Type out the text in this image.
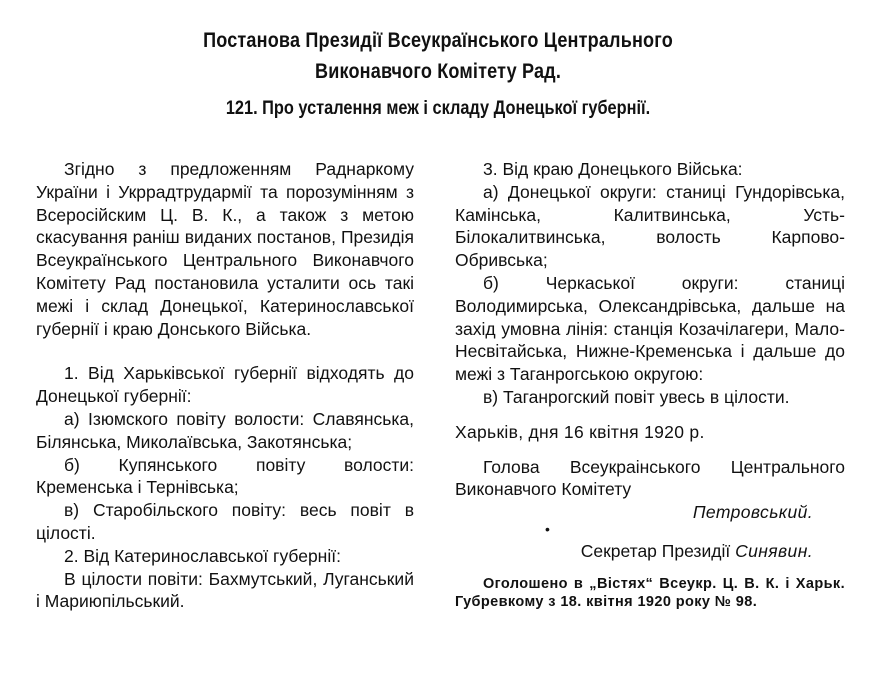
Постанова Президії Всеукраїнського Центрального
Виконавчого Комітету Рад.
121. Про усталення меж і складу Донецької губернії.

Згідно з предложенням Раднаркому України і Укррадтрудармії та порозумінням з Всеросійским Ц. В. К., а також з метою скасування раніш виданих постанов, Президія Всеукраїнського Центрального Виконавчого Комітету Рад постановила усталити ось такі межі і склад Донецької, Катеринославської губернії і краю Донського Війська.

1. Від Харьківської губернії відходять до Донецької губернії:

а) Ізюмского повіту волости: Славянська, Білянська, Миколаївська, Закотянська;

б) Купянського повіту волости: Кременська і Тернівська;

в) Старобільского повіту: весь повіт в цілості.

2. Від Катеринославської губернії:

В цілости повіти: Бахмутський, Луганський і Мариюпільський.

3. Від краю Донецького Війська:

а) Донецької округи: станиці Гундорівська, Камінська, Калитвинська, Усть-Білокалитвинська, волость Карпово-Обривська;

б) Черкаської округи: станиці Володимирська, Олександрівська, дальше на захід умовна лінія: станція Козачілагери, Мало-Несвітайська, Нижне-Кременська і дальше до межі з Таганрогською округою:

в) Таганрогский повіт увесь в цілости.

Харьків, дня 16 квітня 1920 р.

Голова Всеукраінського Центрального Виконавчого Комітету

Петровський.

•

Секретар Президії Синявин.

Оголошено в „Вістях“ Всеукр. Ц. В. К. і Харьк. Губревкому з 18. квітня 1920 року № 98.
